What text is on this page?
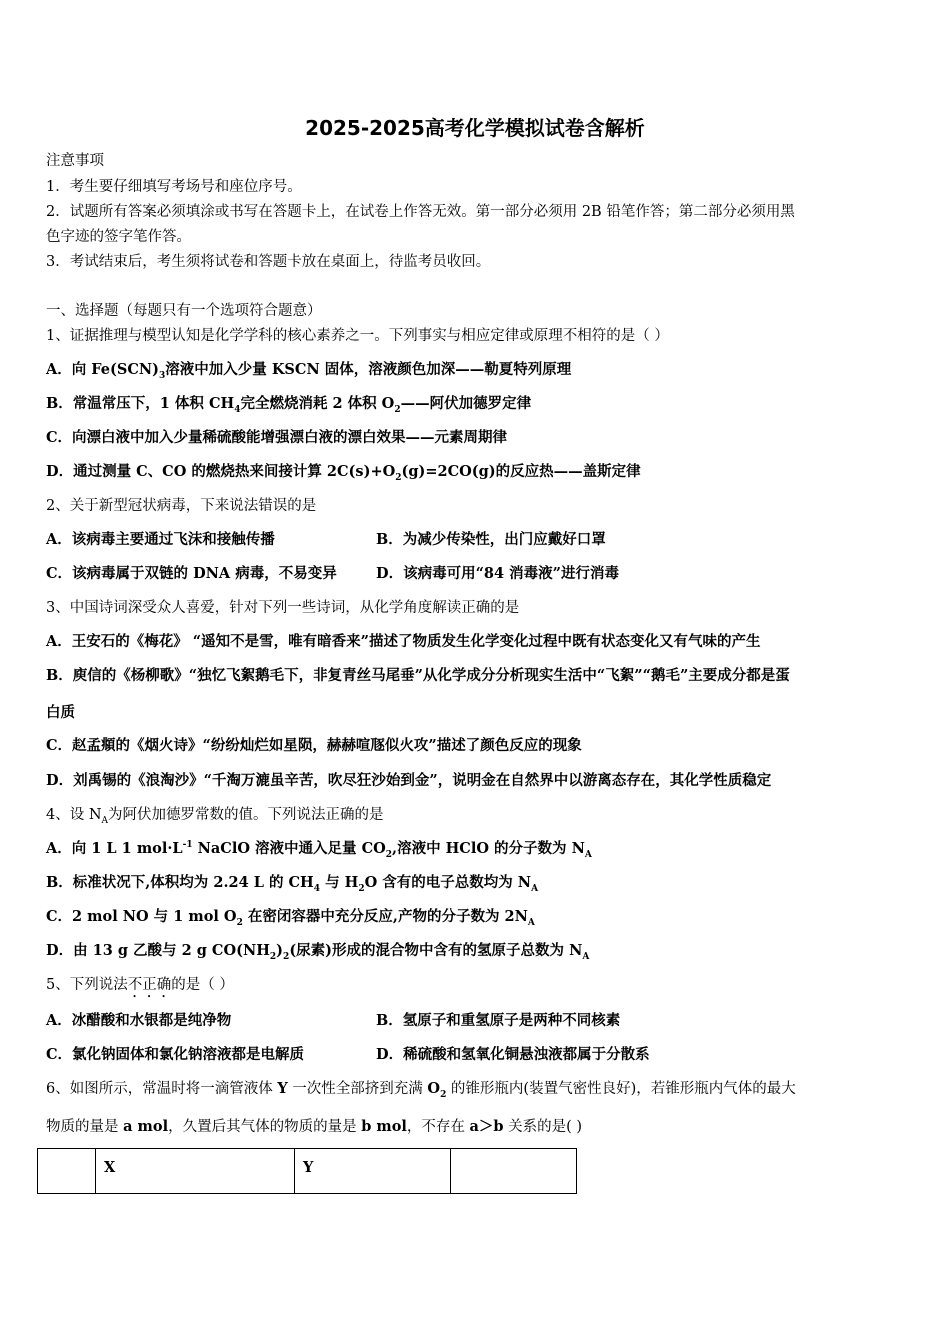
2025-2025高考化学模拟试卷含解析
注意事项
1．考生要仔细填写考场号和座位序号。
2．试题所有答案必须填涂或书写在答题卡上，在试卷上作答无效。第一部分必须用 2B 铅笔作答；第二部分必须用黑
色字迹的签字笔作答。
3．考试结束后，考生须将试卷和答题卡放在桌面上，待监考员收回。
一、选择题（每题只有一个选项符合题意）
1、证据推理与模型认知是化学学科的核心素养之一。下列事实与相应定律或原理不相符的是（ ）
A．向 $Fe(SCN)_3$溶液中加入少量 KSCN 固体，溶液颜色加深——勒夏特列原理
B．常温常压下，1 体积 $CH_4$完全燃烧消耗 2 体积 $O_2——$阿伏加德罗定律
C．向漂白液中加入少量稀硫酸能增强漂白液的漂白效果——元素周期律
D．通过测量 C、CO 的燃烧热来间接计算 $2C(s)+O_2(g)=2CO(g)$的反应热——盖斯定律
2、关于新型冠状病毒，下来说法错误的是
A．该病毒主要通过飞沫和接触传播	B．为减少传染性，出门应戴好口罩
C．该病毒属于双链的 DNA 病毒，不易变异	D．该病毒可用“84 消毒液”进行消毒
3、中国诗词深受众人喜爱，针对下列一些诗词，从化学角度解读正确的是
A．王安石的《梅花》 “遥知不是雪，唯有暗香来”描述了物质发生化学变化过程中既有状态变化又有气味的产生
B．庾信的《杨柳歌》“独忆飞絮鹅毛下，非复青丝马尾垂”从化学成分分析现实生活中“飞絮”“鹅毛”主要成分都是蛋
白质
C．赵孟頫的《烟火诗》“纷纷灿烂如星陨，赫赫喧豗似火攻”描述了颜色反应的现象
D．刘禹锡的《浪淘沙》“千淘万漉虽辛苦，吹尽狂沙始到金”，说明金在自然界中以游离态存在，其化学性质稳定
4、设 $N_A$为阿伏加德罗常数的值。下列说法正确的是
A．向 1 L 1 $mol\cdot L^{-1}$ NaClO 溶液中通入足量 $CO_2$,溶液中 HClO 的分子数为 $N_A$
B．标准状况下,体积均为 2.24 L 的 $CH_4$ 与 $H_2O$ 含有的电子总数均为 $N_A$
C．2 mol NO 与 1 mol $O_2$ 在密闭容器中充分反应,产物的分子数为 $2N_A$
D．由 13 g 乙酸与 2 g $CO(NH_2)_2$(尿素)形成的混合物中含有的氢原子总数为 $N_A$
5、下列说法不正确的是（ ）
A．冰醋酸和水银都是纯净物	B．氢原子和重氢原子是两种不同核素
C．氯化钠固体和氯化钠溶液都是电解质	D．稀硫酸和氢氧化铜悬浊液都属于分散系
6、如图所示，常温时将一滴管液体 Y 一次性全部挤到充满 $O_2$ 的锥形瓶内(装置气密性良好)，若锥形瓶内气体的最大
物质的量是 a mol，久置后其气体的物质的量是 b mol，不存在 a＞b 关系的是( )
	X	Y	
